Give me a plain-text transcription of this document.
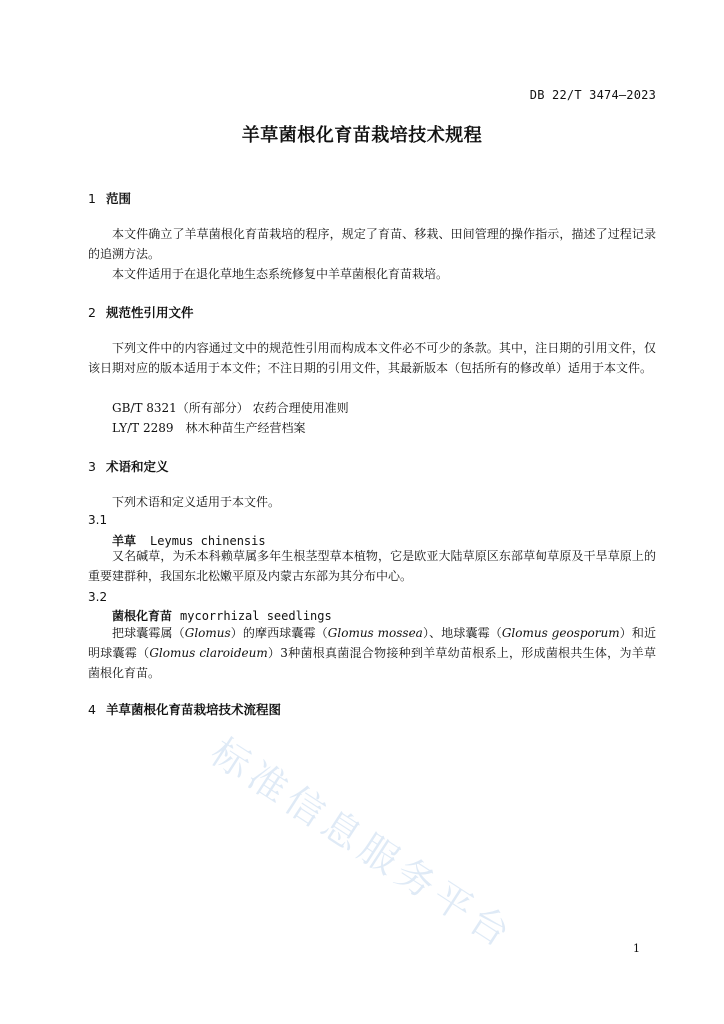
DB 22/T 3474—2023
羊草菌根化育苗栽培技术规程
1 范围
本文件确立了羊草菌根化育苗栽培的程序，规定了育苗、移栽、田间管理的操作指示，描述了过程记录的追溯方法。
本文件适用于在退化草地生态系统修复中羊草菌根化育苗栽培。
2 规范性引用文件
下列文件中的内容通过文中的规范性引用而构成本文件必不可少的条款。其中，注日期的引用文件，仅该日期对应的版本适用于本文件；不注日期的引用文件，其最新版本（包括所有的修改单）适用于本文件。
GB/T 8321（所有部分） 农药合理使用准则
LY/T 2289　林木种苗生产经营档案
3 术语和定义
下列术语和定义适用于本文件。
3.1
羊草 Leymus chinensis
又名碱草，为禾本科赖草属多年生根茎型草本植物，它是欧亚大陆草原区东部草甸草原及干旱草原上的重要建群种，我国东北松嫩平原及内蒙古东部为其分布中心。
3.2
菌根化育苗 mycorrhizal seedlings
把球囊霉属（Glomus）的摩西球囊霉（Glomus mossea）、地球囊霉（Glomus geosporum）和近明球囊霉（Glomus claroideum）3种菌根真菌混合物接种到羊草幼苗根系上，形成菌根共生体，为羊草菌根化育苗。
4 羊草菌根化育苗栽培技术流程图
标准信息服务平台	1
